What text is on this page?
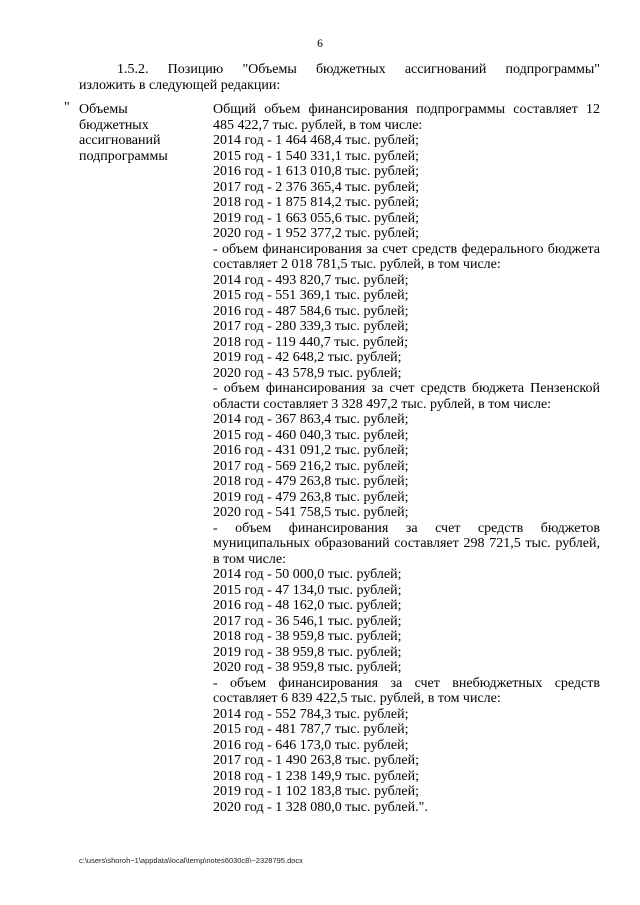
6
1.5.2. Позицию "Объемы бюджетных ассигнований подпрограммы"
изложить в следующей редакции:
" Объемы
бюджетных
ассигнований
подпрограммы
Общий объем финансирования подпрограммы составляет 12 485 422,7 тыс. рублей, в том числе:
2014 год - 1 464 468,4 тыс. рублей;
2015 год - 1 540 331,1 тыс. рублей;
2016 год - 1 613 010,8 тыс. рублей;
2017 год - 2 376 365,4 тыс. рублей;
2018 год - 1 875 814,2 тыс. рублей;
2019 год - 1 663 055,6 тыс. рублей;
2020 год - 1 952 377,2 тыс. рублей;
- объем финансирования за счет средств федерального бюджета составляет 2 018 781,5 тыс. рублей, в том числе:
2014 год - 493 820,7 тыс. рублей;
2015 год - 551 369,1 тыс. рублей;
2016 год - 487 584,6 тыс. рублей;
2017 год - 280 339,3 тыс. рублей;
2018 год - 119 440,7 тыс. рублей;
2019 год - 42 648,2 тыс. рублей;
2020 год - 43 578,9 тыс. рублей;
- объем финансирования за счет средств бюджета Пензенской области составляет 3 328 497,2 тыс. рублей, в том числе:
2014 год - 367 863,4 тыс. рублей;
2015 год - 460 040,3 тыс. рублей;
2016 год - 431 091,2 тыс. рублей;
2017 год - 569 216,2 тыс. рублей;
2018 год - 479 263,8 тыс. рублей;
2019 год - 479 263,8 тыс. рублей;
2020 год - 541 758,5 тыс. рублей;
- объем финансирования за счет средств бюджетов муниципальных образований составляет 298 721,5 тыс. рублей, в том числе:
2014 год - 50 000,0 тыс. рублей;
2015 год - 47 134,0 тыс. рублей;
2016 год - 48 162,0 тыс. рублей;
2017 год - 36 546,1 тыс. рублей;
2018 год - 38 959,8 тыс. рублей;
2019 год - 38 959,8 тыс. рублей;
2020 год - 38 959,8 тыс. рублей;
- объем финансирования за счет внебюджетных средств составляет 6 839 422,5 тыс. рублей, в том числе:
2014 год - 552 784,3 тыс. рублей;
2015 год - 481 787,7 тыс. рублей;
2016 год - 646 173,0 тыс. рублей;
2017 год - 1 490 263,8 тыс. рублей;
2018 год - 1 238 149,9 тыс. рублей;
2019 год - 1 102 183,8 тыс. рублей;
2020 год - 1 328 080,0 тыс. рублей.".
c:\users\shoroh~1\appdata\local\temp\notes6030c8\~2328795.docx
